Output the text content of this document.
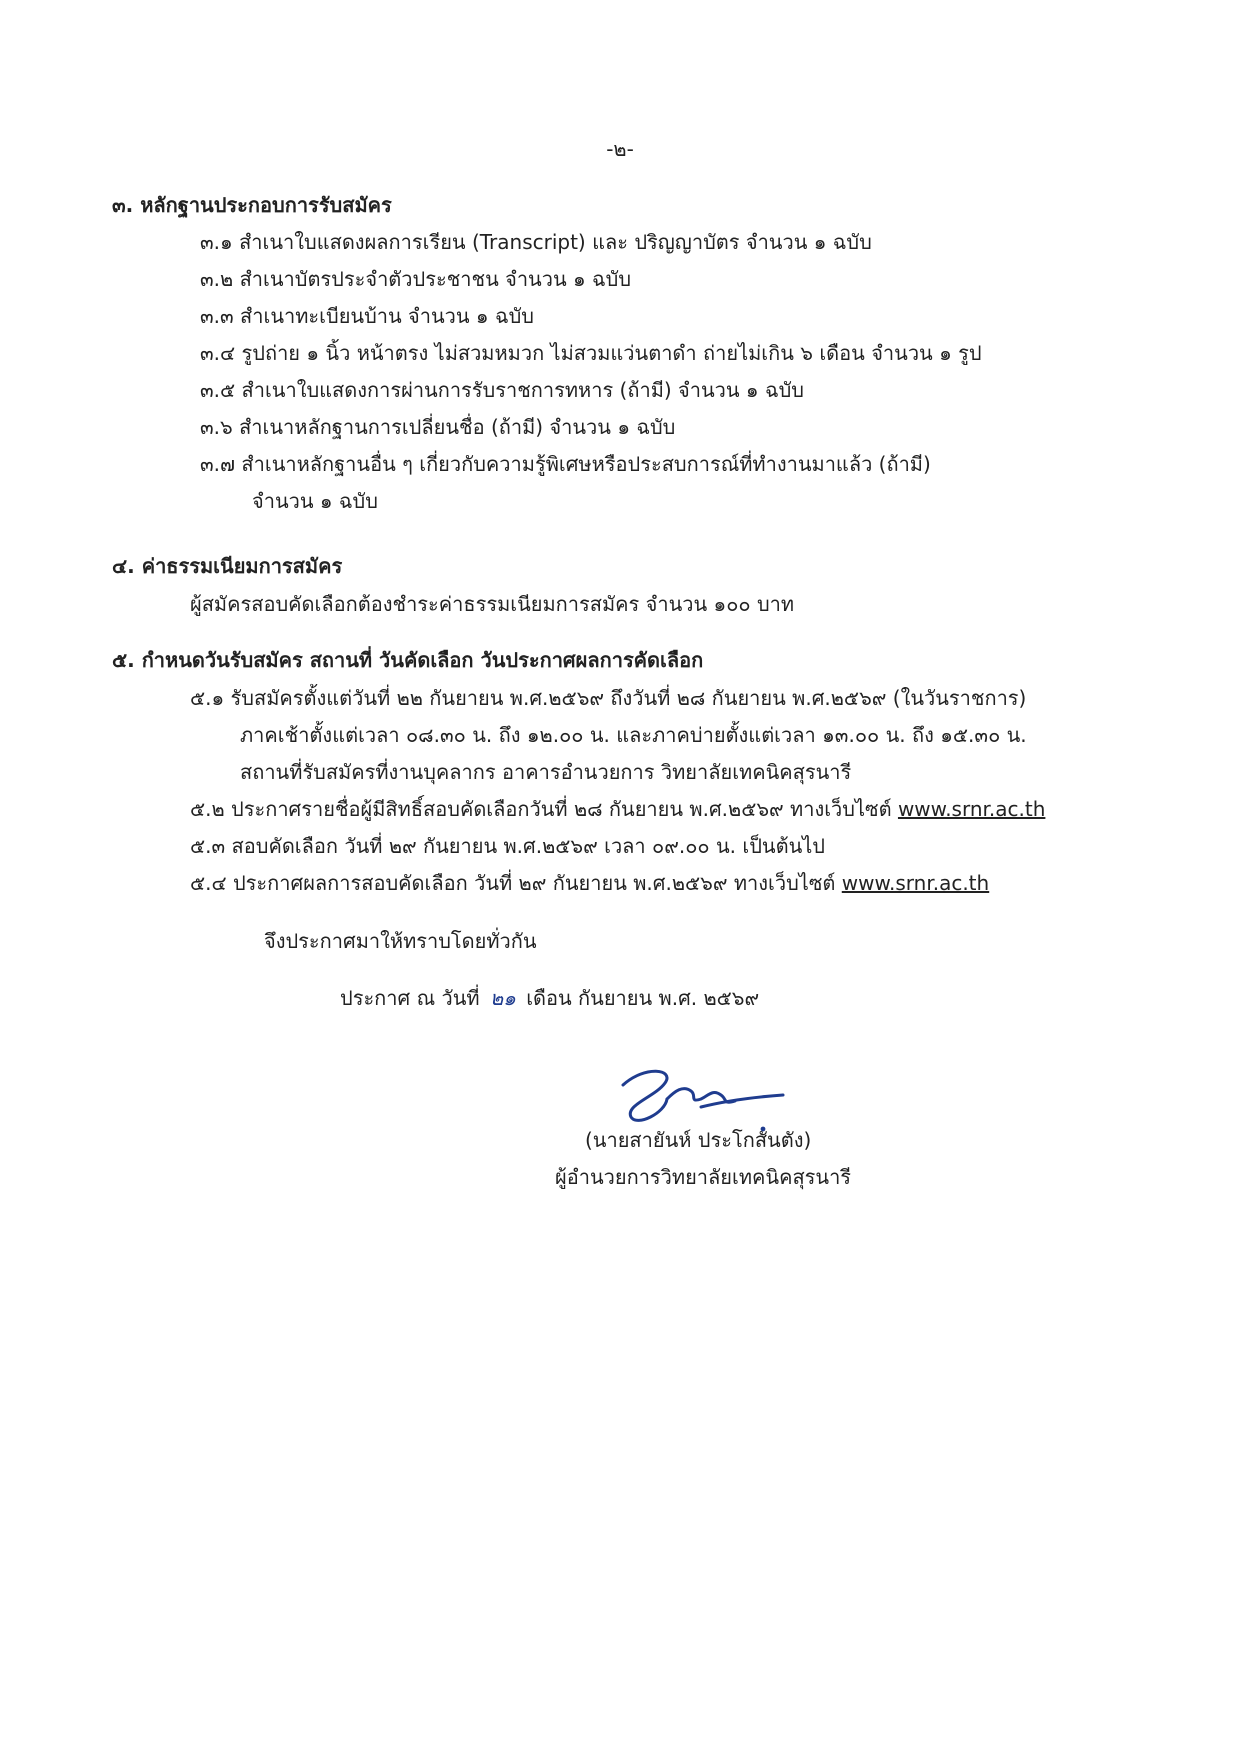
-๒-
๓. หลักฐานประกอบการรับสมัคร
๓.๑ สำเนาใบแสดงผลการเรียน (Transcript) และ ปริญญาบัตร จำนวน ๑ ฉบับ
๓.๒ สำเนาบัตรประจำตัวประชาชน จำนวน ๑ ฉบับ
๓.๓ สำเนาทะเบียนบ้าน จำนวน ๑ ฉบับ
๓.๔ รูปถ่าย ๑ นิ้ว หน้าตรง ไม่สวมหมวก ไม่สวมแว่นตาดำ ถ่ายไม่เกิน ๖ เดือน จำนวน ๑ รูป
๓.๕ สำเนาใบแสดงการผ่านการรับราชการทหาร (ถ้ามี) จำนวน ๑ ฉบับ
๓.๖ สำเนาหลักฐานการเปลี่ยนชื่อ (ถ้ามี) จำนวน ๑ ฉบับ
๓.๗ สำเนาหลักฐานอื่น ๆ เกี่ยวกับความรู้พิเศษหรือประสบการณ์ที่ทำงานมาแล้ว (ถ้ามี)
จำนวน ๑ ฉบับ
๔. ค่าธรรมเนียมการสมัคร
ผู้สมัครสอบคัดเลือกต้องชำระค่าธรรมเนียมการสมัคร จำนวน ๑๐๐ บาท
๕. กำหนดวันรับสมัคร สถานที่ วันคัดเลือก วันประกาศผลการคัดเลือก
๕.๑ รับสมัครตั้งแต่วันที่ ๒๒ กันยายน พ.ศ.๒๕๖๙ ถึงวันที่ ๒๘ กันยายน พ.ศ.๒๕๖๙ (ในวันราชการ)
ภาคเช้าตั้งแต่เวลา ๐๘.๓๐ น. ถึง ๑๒.๐๐ น. และภาคบ่ายตั้งแต่เวลา ๑๓.๐๐ น. ถึง ๑๕.๓๐ น.
สถานที่รับสมัครที่งานบุคลากร อาคารอำนวยการ วิทยาลัยเทคนิคสุรนารี
๕.๒ ประกาศรายชื่อผู้มีสิทธิ์สอบคัดเลือกวันที่ ๒๘ กันยายน พ.ศ.๒๕๖๙ ทางเว็บไซต์ www.srnr.ac.th
๕.๓ สอบคัดเลือก วันที่ ๒๙ กันยายน พ.ศ.๒๕๖๙ เวลา ๐๙.๐๐ น. เป็นต้นไป
๕.๔ ประกาศผลการสอบคัดเลือก วันที่ ๒๙ กันยายน พ.ศ.๒๕๖๙ ทางเว็บไซต์ www.srnr.ac.th
จึงประกาศมาให้ทราบโดยทั่วกัน
ประกาศ ณ วันที่ ๒๑ เดือน กันยายน พ.ศ. ๒๕๖๙
(นายสายันห์ ประโกสันตัง)
ผู้อำนวยการวิทยาลัยเทคนิคสุรนารี
